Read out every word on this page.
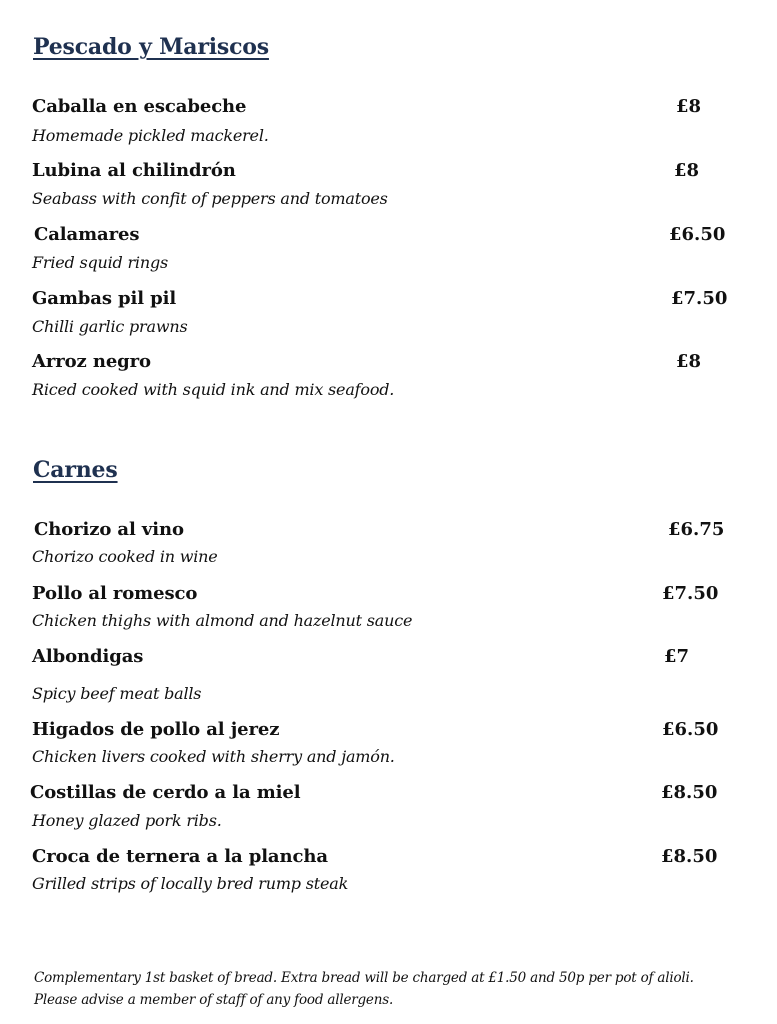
Pescado y Mariscos

Caballa en escabeche	£8

Homemade pickled mackerel.

Lubina al chilindrón	£8

Seabass with confit of peppers and tomatoes

Calamares	£6.50

Fried squid rings

Gambas pil pil	£7.50

Chilli garlic prawns

Arroz negro	£8

Riced cooked with squid ink and mix seafood.

Carnes

Chorizo al vino	£6.75

Chorizo cooked in wine

Pollo al romesco	£7.50

Chicken thighs with almond and hazelnut sauce

Albondigas	£7

Spicy beef meat balls

Higados de pollo al jerez	£6.50

Chicken livers cooked with sherry and jamón.

Costillas de cerdo a la miel	£8.50

Honey glazed pork ribs.

Croca de ternera a la plancha	£8.50

Grilled strips of locally bred rump steak

Complementary 1st basket of bread. Extra bread will be charged at £1.50 and 50p per pot of alioli.

Please advise a member of staff of any food allergens.
